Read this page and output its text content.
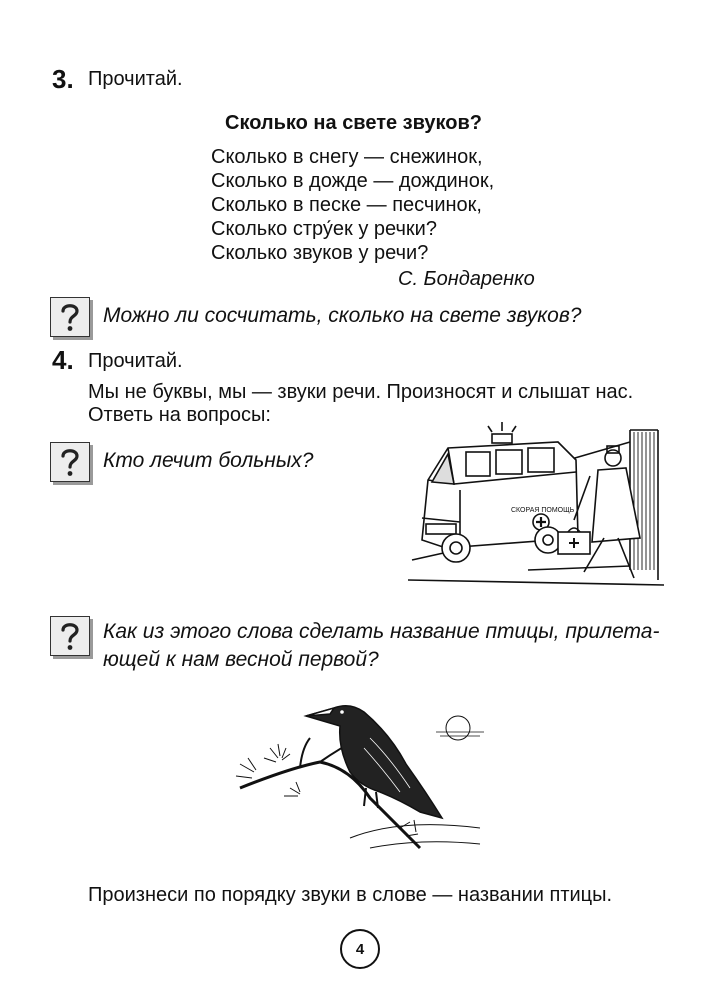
3. Прочитай.
Сколько на свете звуков?
Сколько в снегу — снежинок,
Сколько в дожде — дождинок,
Сколько в песке — песчинок,
Сколько стру́ек у речки?
Сколько звуков у речи?
С. Бондаренко
Можно ли сосчитать, сколько на свете звуков?
4. Прочитай.
Мы не буквы, мы — звуки речи. Произносят и слышат нас.
Ответь на вопросы:
Кто лечит больных?
СКОРАЯ ПОМОЩЬ
Как из этого слова сделать название птицы, прилета-
ющей к нам весной первой?
Произнеси по порядку звуки в слове — названии птицы.
4
